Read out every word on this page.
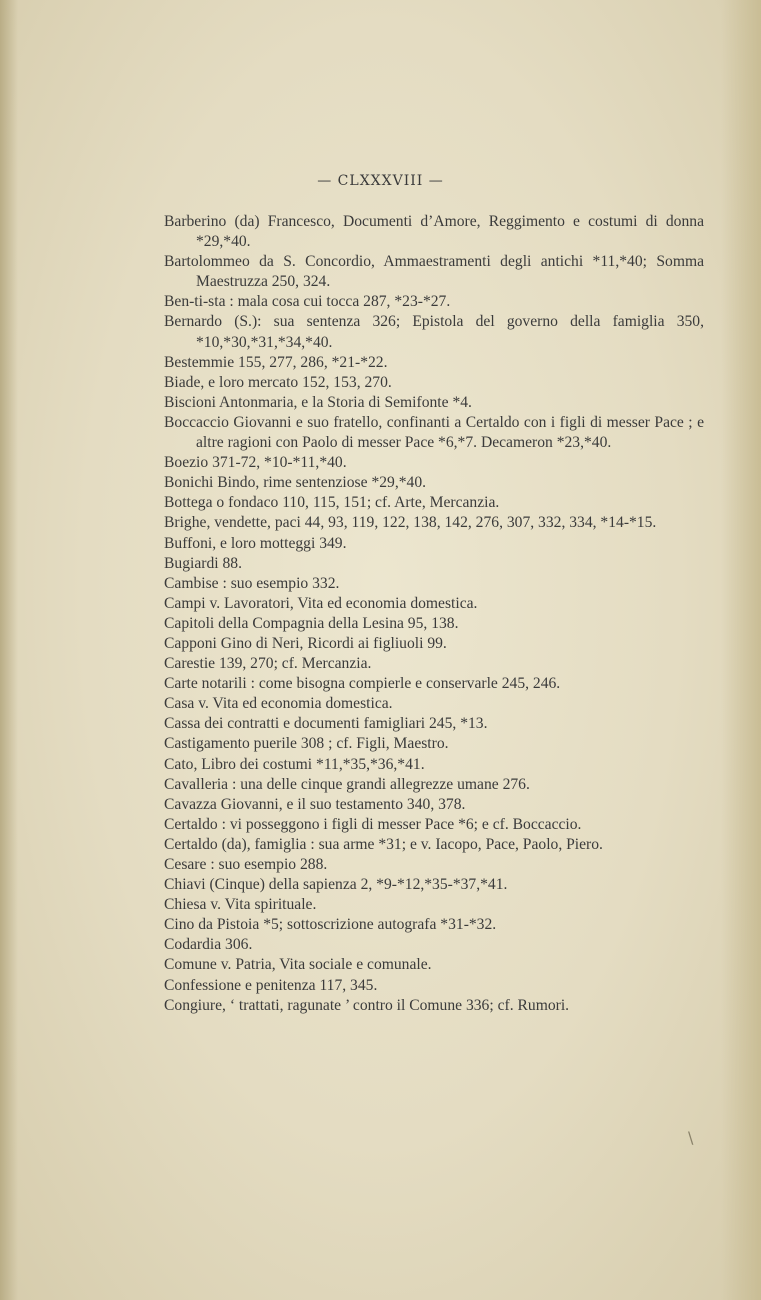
— CLXXXVIII —
Barberino (da) Francesco, Documenti d’Amore, Reggimento e costumi di donna *29,*40.
Bartolommeo da S. Concordio, Ammaestramenti degli antichi *11,*40; Somma Maestruzza 250, 324.
Ben-ti-sta : mala cosa cui tocca 287, *23-*27.
Bernardo (S.): sua sentenza 326; Epistola del governo della famiglia 350, *10,*30,*31,*34,*40.
Bestemmie 155, 277, 286, *21-*22.
Biade, e loro mercato 152, 153, 270.
Biscioni Antonmaria, e la Storia di Semifonte *4.
Boccaccio Giovanni e suo fratello, confinanti a Certaldo con i figli di messer Pace ; e altre ragioni con Paolo di messer Pace *6,*7. Decameron *23,*40.
Boezio 371-72, *10-*11,*40.
Bonichi Bindo, rime sentenziose *29,*40.
Bottega o fondaco 110, 115, 151; cf. Arte, Mercanzia.
Brighe, vendette, paci 44, 93, 119, 122, 138, 142, 276, 307, 332, 334, *14-*15.
Buffoni, e loro motteggi 349.
Bugiardi 88.
Cambise : suo esempio 332.
Campi v. Lavoratori, Vita ed economia domestica.
Capitoli della Compagnia della Lesina 95, 138.
Capponi Gino di Neri, Ricordi ai figliuoli 99.
Carestie 139, 270; cf. Mercanzia.
Carte notarili : come bisogna compierle e conservarle 245, 246.
Casa v. Vita ed economia domestica.
Cassa dei contratti e documenti famigliari 245, *13.
Castigamento puerile 308 ; cf. Figli, Maestro.
Cato, Libro dei costumi *11,*35,*36,*41.
Cavalleria : una delle cinque grandi allegrezze umane 276.
Cavazza Giovanni, e il suo testamento 340, 378.
Certaldo : vi posseggono i figli di messer Pace *6; e cf. Boccaccio.
Certaldo (da), famiglia : sua arme *31; e v. Iacopo, Pace, Paolo, Piero.
Cesare : suo esempio 288.
Chiavi (Cinque) della sapienza 2, *9-*12,*35-*37,*41.
Chiesa v. Vita spirituale.
Cino da Pistoia *5; sottoscrizione autografa *31-*32.
Codardia 306.
Comune v. Patria, Vita sociale e comunale.
Confessione e penitenza 117, 345.
Congiure, ‘ trattati, ragunate ’ contro il Comune 336; cf. Rumori.
\
